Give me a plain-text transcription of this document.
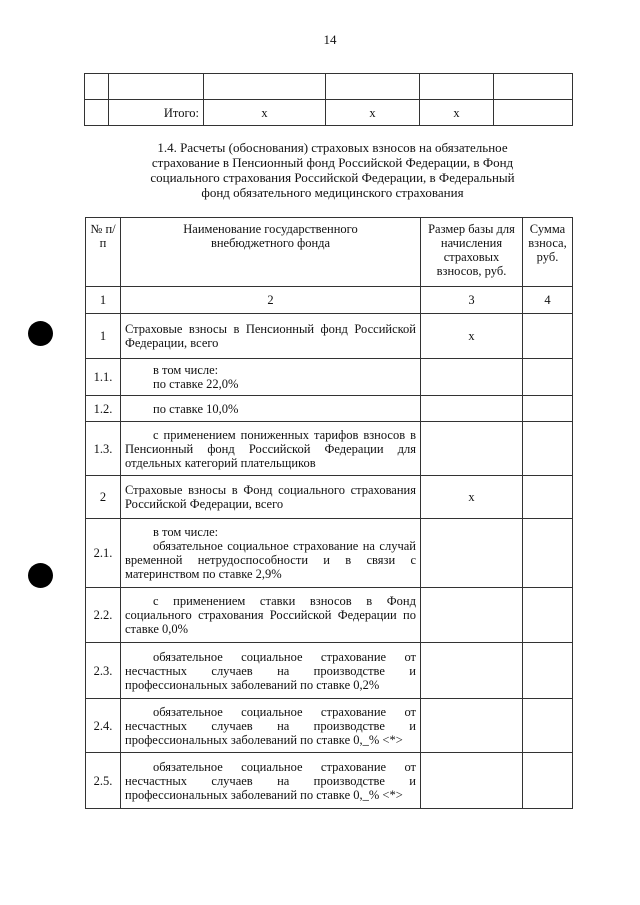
14

	Итого:	х	х	х	
1.4. Расчеты (обоснования) страховых взносов на обязательное страхование в Пенсионный фонд Российской Федерации, в Фонд социального страхования Российской Федерации, в Федеральный фонд обязательного медицинского страхования
№ п/п	Наименование государственного внебюджетного фонда	Размер базы для начисления страховых взносов, руб.	Сумма взноса, руб.
1	2	3	4
1	Страховые взносы в Пенсионный фонд Российской Федерации, всего	х	
1.1.	в том числе:
по ставке 22,0%		

1.2.	по ставке 10,0%		
1.3.	с применением пониженных тарифов взносов в Пенсионный фонд Российской Федерации для отдельных категорий плательщиков		
2	Страховые взносы в Фонд социального страхования Российской Федерации, всего	х	
2.1.	в том числе:
обязательное социальное страхование на случай временной нетрудоспособности и в связи с материнством по ставке 2,9%		

2.2.	с применением ставки взносов в Фонд социального страхования Российской Федерации по ставке 0,0%		
2.3.	обязательное социальное страхование от несчастных случаев на производстве и профессиональных заболеваний по ставке 0,2%		
2.4.	обязательное социальное страхование от несчастных случаев на производстве и профессиональных заболеваний по ставке 0,_% <*>		
2.5.	обязательное социальное страхование от несчастных случаев на производстве и профессиональных заболеваний по ставке 0,_% <*>		
